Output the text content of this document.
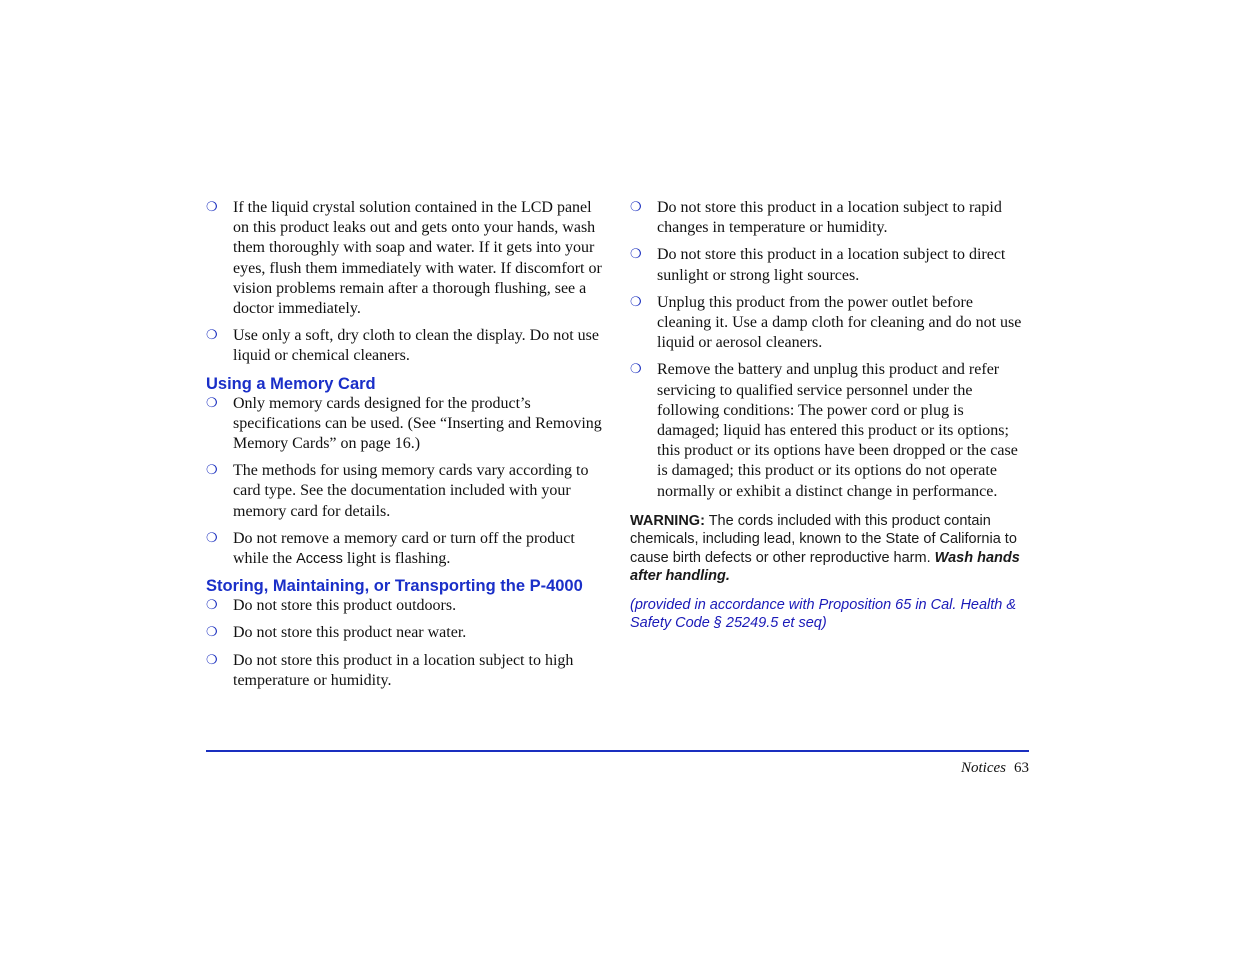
❍ If the liquid crystal solution contained in the LCD panel on this product leaks out and gets onto your hands, wash them thoroughly with soap and water. If it gets into your eyes, flush them immediately with water. If discomfort or vision problems remain after a thorough flushing, see a doctor immediately.
❍ Use only a soft, dry cloth to clean the display. Do not use liquid or chemical cleaners.
Using a Memory Card
❍ Only memory cards designed for the product’s specifications can be used. (See “Inserting and Removing Memory Cards” on page 16.)
❍ The methods for using memory cards vary according to card type. See the documentation included with your memory card for details.
❍ Do not remove a memory card or turn off the product while the Access light is flashing.
Storing, Maintaining, or Transporting the P-4000
❍ Do not store this product outdoors.
❍ Do not store this product near water.
❍ Do not store this product in a location subject to high temperature or humidity.
❍ Do not store this product in a location subject to rapid changes in temperature or humidity.
❍ Do not store this product in a location subject to direct sunlight or strong light sources.
❍ Unplug this product from the power outlet before cleaning it. Use a damp cloth for cleaning and do not use liquid or aerosol cleaners.
❍ Remove the battery and unplug this product and refer servicing to qualified service personnel under the following conditions: The power cord or plug is damaged; liquid has entered this product or its options; this product or its options have been dropped or the case is damaged; this product or its options do not operate normally or exhibit a distinct change in performance.
WARNING: The cords included with this product contain chemicals, including lead, known to the State of California to cause birth defects or other reproductive harm. Wash hands after handling.
(provided in accordance with Proposition 65 in Cal. Health & Safety Code § 25249.5 et seq)
Notices 63
